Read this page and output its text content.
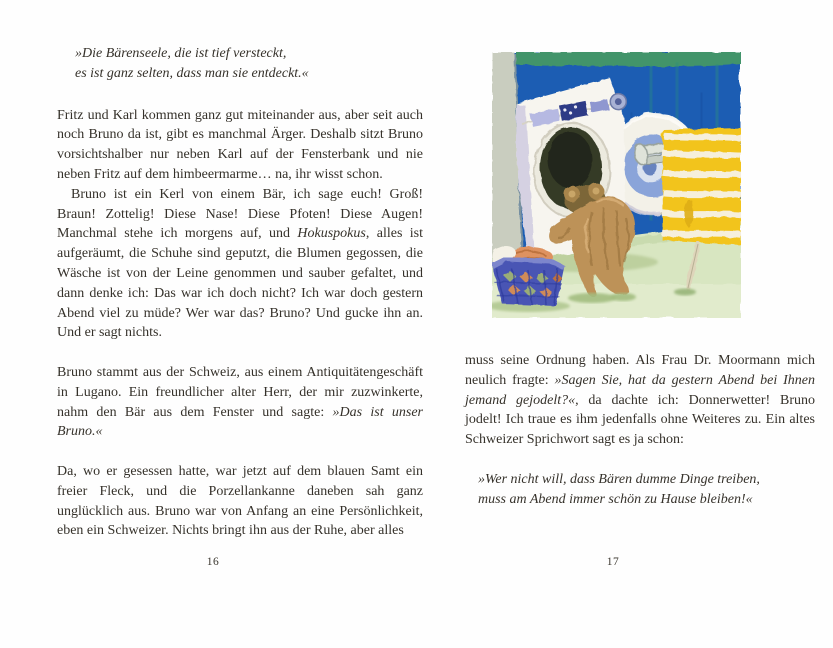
»Die Bärenseele, die ist tief versteckt,
es ist ganz selten, dass man sie entdeckt.«

Fritz und Karl kommen ganz gut miteinander aus, aber seit auch noch Bruno da ist, gibt es manchmal Ärger. Deshalb sitzt Bruno vorsichtshalber nur neben Karl auf der Fensterbank und nie neben Fritz auf dem himbeermarme… na, ihr wisst schon.

Bruno ist ein Kerl von einem Bär, ich sage euch! Groß! Braun! Zottelig! Diese Nase! Diese Pfoten! Diese Augen! Manchmal stehe ich morgens auf, und Hokuspokus, alles ist aufgeräumt, die Schuhe sind geputzt, die Blumen gegossen, die Wäsche ist von der Leine genommen und sauber gefaltet, und dann denke ich: Das war ich doch nicht? Ich war doch gestern Abend viel zu müde? Wer war das? Bruno? Und gucke ihn an. Und er sagt nichts.

Bruno stammt aus der Schweiz, aus einem Antiquitätengeschäft in Lugano. Ein freundlicher alter Herr, der mir zuzwinkerte, nahm den Bär aus dem Fenster und sagte: »Das ist unser Bruno.«

Da, wo er gesessen hatte, war jetzt auf dem blauen Samt ein freier Fleck, und die Porzellankanne daneben sah ganz unglücklich aus. Bruno war von Anfang an eine Persönlichkeit, eben ein Schweizer. Nichts bringt ihn aus der Ruhe, aber alles

16

muss seine Ordnung haben. Als Frau Dr. Moormann mich neulich fragte: »Sagen Sie, hat da gestern Abend bei Ihnen jemand gejodelt?«, da dachte ich: Donnerwetter! Bruno jodelt! Ich traue es ihm jedenfalls ohne Weiteres zu. Ein altes Schweizer Sprichwort sagt es ja schon:

»Wer nicht will, dass Bären dumme Dinge treiben,
muss am Abend immer schön zu Hause bleiben!«
17
